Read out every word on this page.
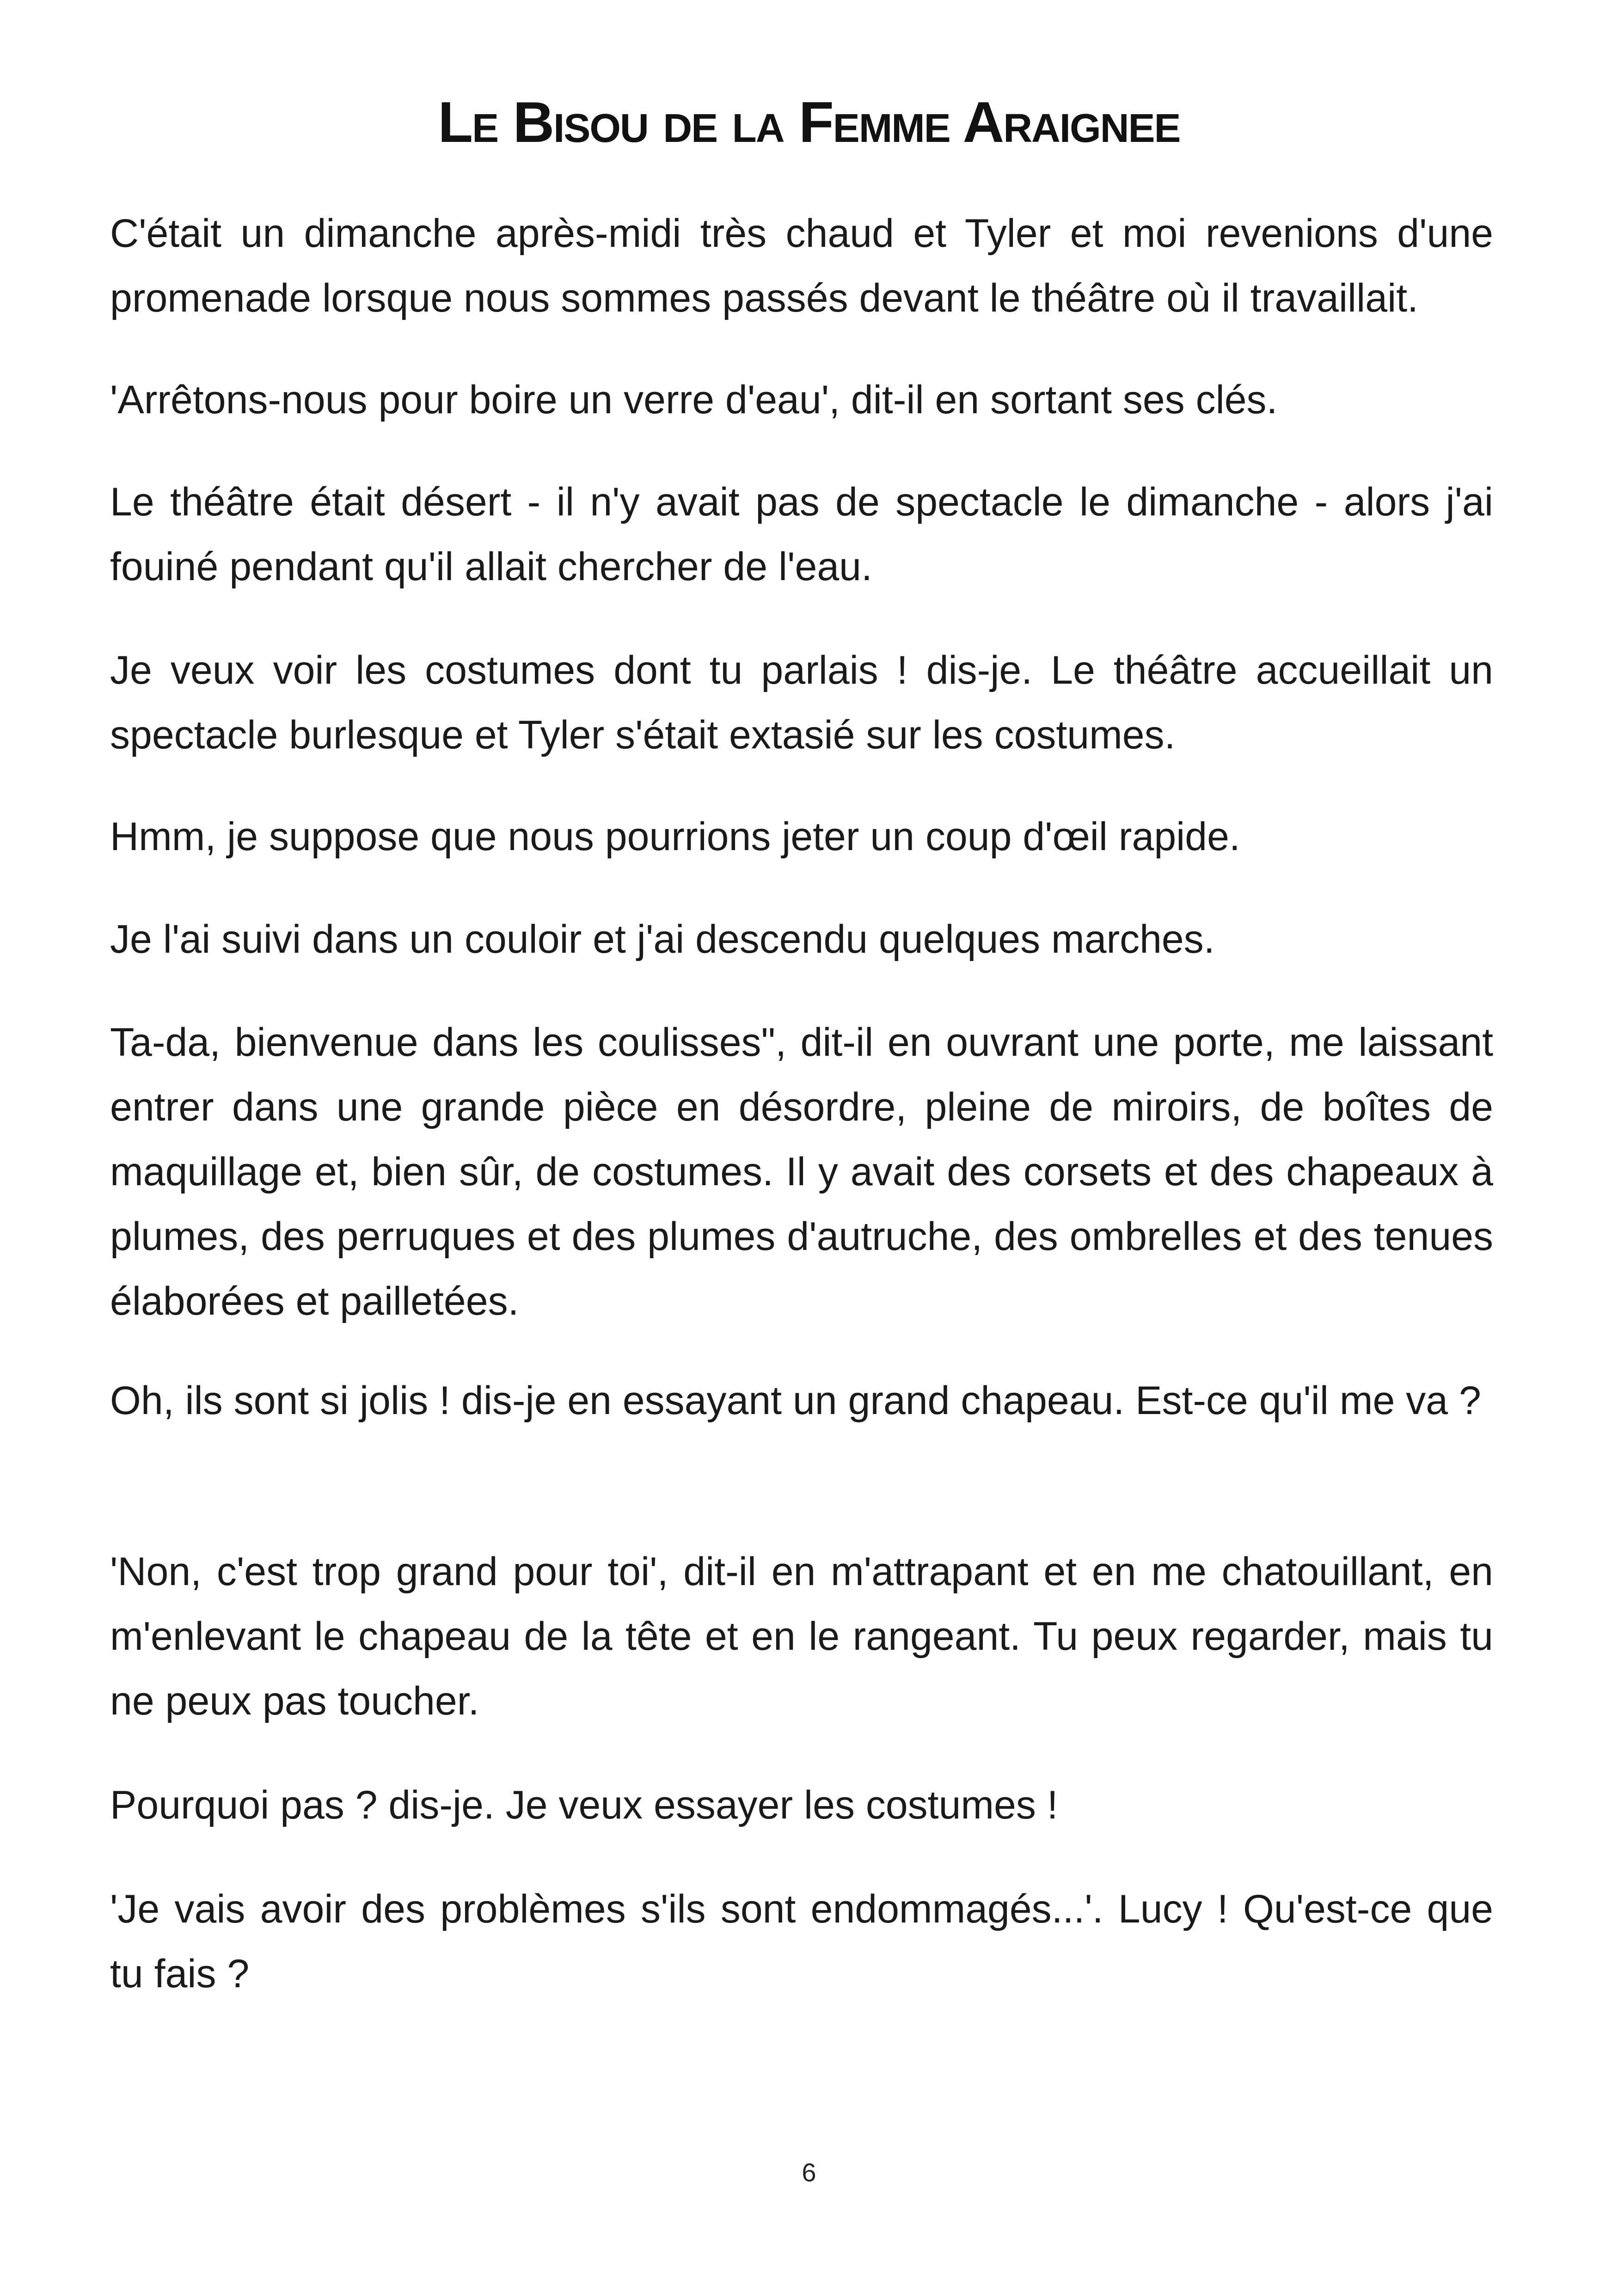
Le Bisou de la Femme Araignee
C'était un dimanche après-midi très chaud et Tyler et moi revenions d'une promenade lorsque nous sommes passés devant le théâtre où il travaillait.
'Arrêtons-nous pour boire un verre d'eau', dit-il en sortant ses clés.
Le théâtre était désert - il n'y avait pas de spectacle le dimanche - alors j'ai fouiné pendant qu'il allait chercher de l'eau.
Je veux voir les costumes dont tu parlais ! dis-je. Le théâtre accueillait un spectacle burlesque et Tyler s'était extasié sur les costumes.
Hmm, je suppose que nous pourrions jeter un coup d'œil rapide.
Je l'ai suivi dans un couloir et j'ai descendu quelques marches.
Ta-da, bienvenue dans les coulisses", dit-il en ouvrant une porte, me laissant entrer dans une grande pièce en désordre, pleine de miroirs, de boîtes de maquillage et, bien sûr, de costumes. Il y avait des corsets et des chapeaux à plumes, des perruques et des plumes d'autruche, des ombrelles et des tenues élaborées et pailletées.
Oh, ils sont si jolis ! dis-je en essayant un grand chapeau. Est-ce qu'il me va ?
'Non, c'est trop grand pour toi', dit-il en m'attrapant et en me chatouillant, en m'enlevant le chapeau de la tête et en le rangeant. Tu peux regarder, mais tu ne peux pas toucher.
Pourquoi pas ? dis-je. Je veux essayer les costumes !
'Je vais avoir des problèmes s'ils sont endommagés...'. Lucy ! Qu'est-ce que tu fais ?
6
